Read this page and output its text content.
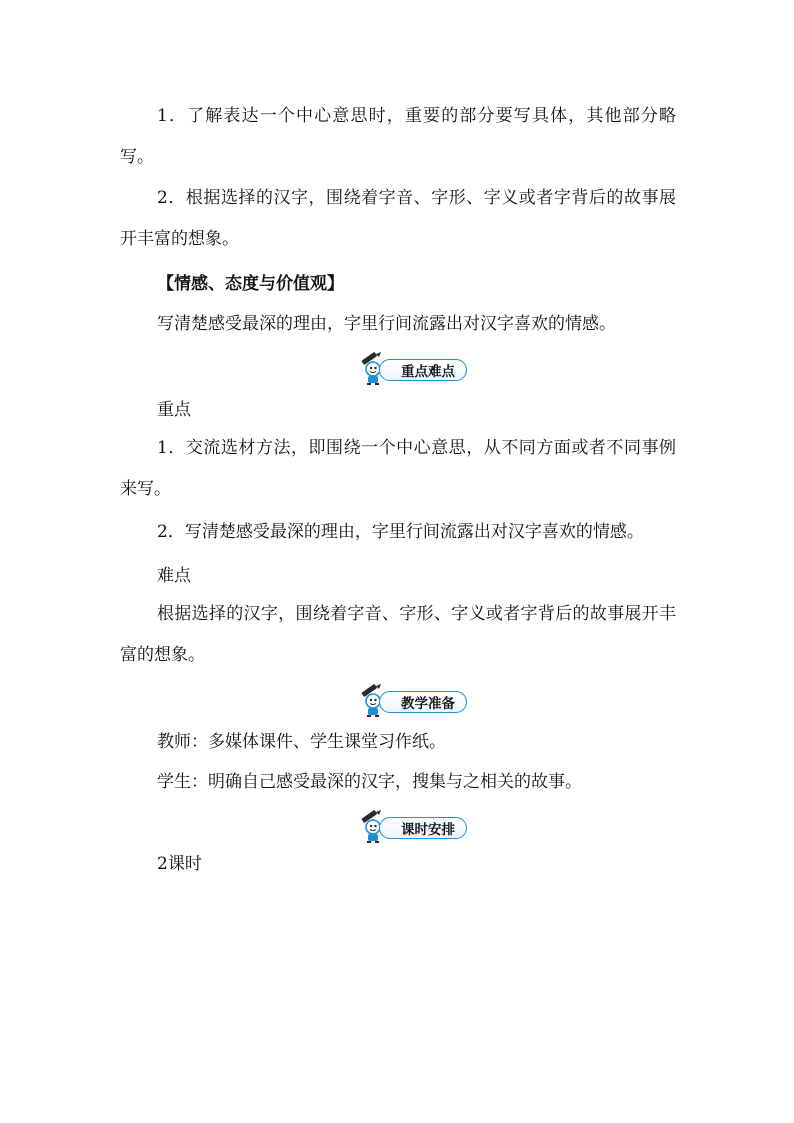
1．了解表达一个中心意思时，重要的部分要写具体，其他部分略写。

2．根据选择的汉字，围绕着字音、字形、字义或者字背后的故事展开丰富的想象。

【情感、态度与价值观】

写清楚感受最深的理由，字里行间流露出对汉字喜欢的情感。

重点难点

重点

1．交流选材方法，即围绕一个中心意思，从不同方面或者不同事例来写。

2．写清楚感受最深的理由，字里行间流露出对汉字喜欢的情感。

难点

根据选择的汉字，围绕着字音、字形、字义或者字背后的故事展开丰富的想象。

教学准备

教师：多媒体课件、学生课堂习作纸。

学生：明确自己感受最深的汉字，搜集与之相关的故事。

课时安排

2课时
